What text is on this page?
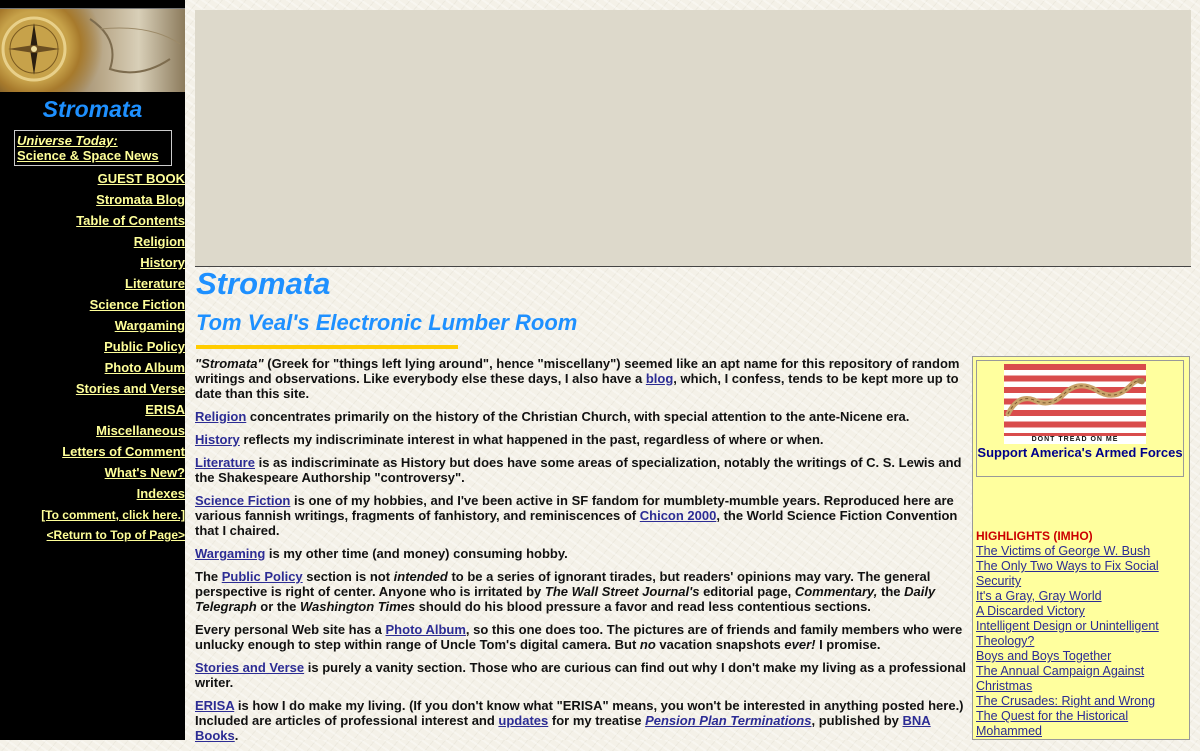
Stromata
Universe Today:
Science & Space News
GUEST BOOK
Stromata Blog
Table of Contents
Religion
History
Literature
Science Fiction
Wargaming
Public Policy
Photo Album
Stories and Verse
ERISA
Miscellaneous
Letters of Comment
What's New?
Indexes
[To comment, click here.]
<Return to Top of Page>
Stromata
Tom Veal's Electronic Lumber Room

"Stromata" (Greek for "things left lying around", hence "miscellany") seemed like an apt name for this repository of random writings and observations. Like everybody else these days, I also have a blog, which, I confess, tends to be kept more up to date than this site.

Religion concentrates primarily on the history of the Christian Church, with special attention to the ante-Nicene era.

History reflects my indiscriminate interest in what happened in the past, regardless of where or when.

Literature is as indiscriminate as History but does have some areas of specialization, notably the writings of C. S. Lewis and the Shakespeare Authorship "controversy".

Science Fiction is one of my hobbies, and I've been active in SF fandom for mumblety-mumble years. Reproduced here are various fannish writings, fragments of fanhistory, and reminiscences of Chicon 2000, the World Science Fiction Convention that I chaired.

Wargaming is my other time (and money) consuming hobby.

The Public Policy section is not intended to be a series of ignorant tirades, but readers' opinions may vary. The general perspective is right of center. Anyone who is irritated by The Wall Street Journal's editorial page, Commentary, the Daily Telegraph or the Washington Times should do his blood pressure a favor and read less contentious sections.

Every personal Web site has a Photo Album, so this one does too. The pictures are of friends and family members who were unlucky enough to step within range of Uncle Tom's digital camera. But no vacation snapshots ever! I promise.

Stories and Verse is purely a vanity section. Those who are curious can find out why I don't make my living as a professional writer.

ERISA is how I do make my living. (If you don't know what "ERISA" means, you won't be interested in anything posted here.) Included are articles of professional interest and updates for my treatise Pension Plan Terminations, published by BNA Books.

DONT TREAD ON ME
Support America's Armed Forces
HIGHLIGHTS (IMHO)
The Victims of George W. Bush
The Only Two Ways to Fix Social Security
It's a Gray, Gray World
A Discarded Victory
Intelligent Design or Unintelligent Theology?
Boys and Boys Together
The Annual Campaign Against Christmas
The Crusades: Right and Wrong
The Quest for the Historical Mohammed
